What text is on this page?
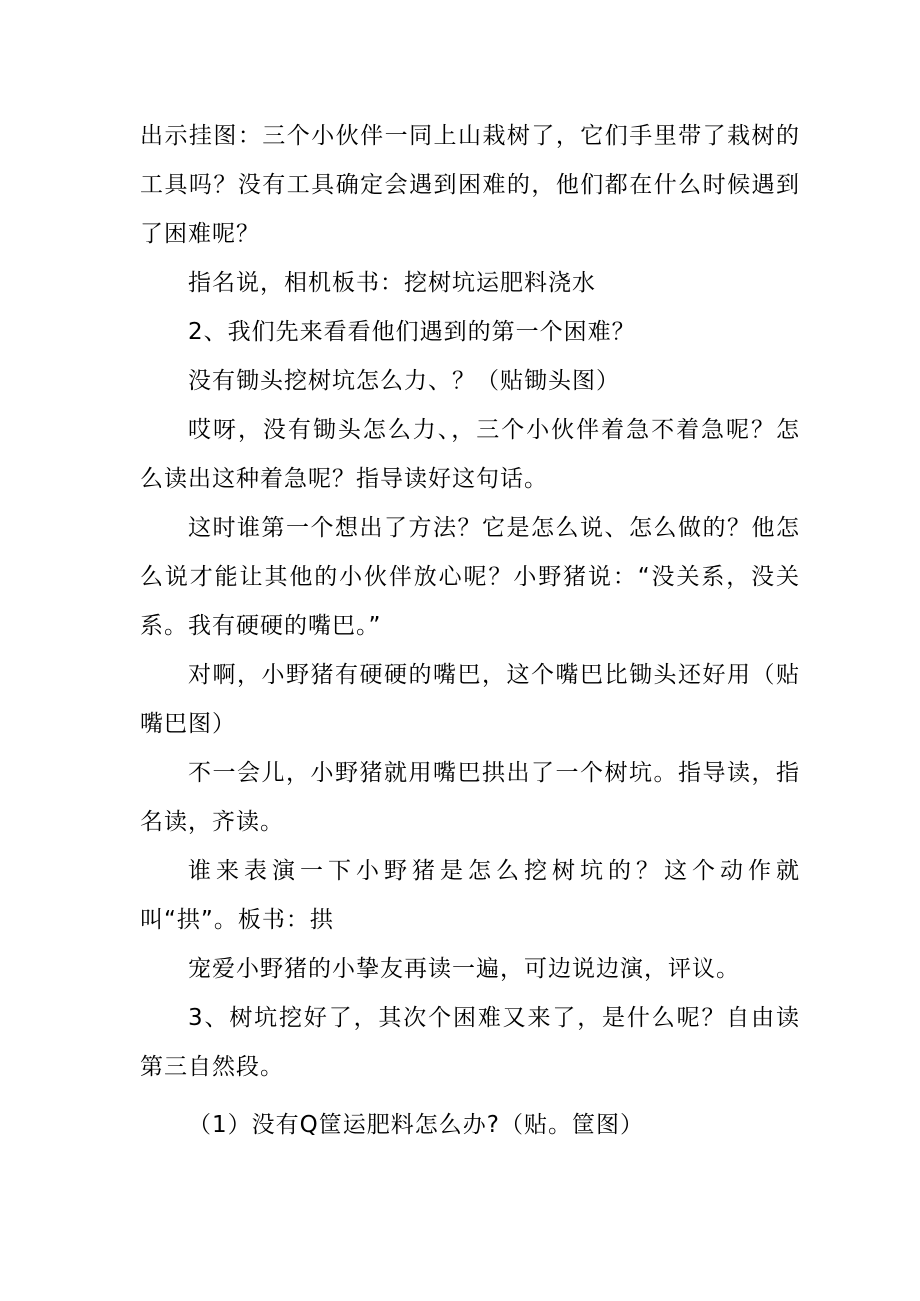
出示挂图：三个小伙伴一同上山栽树了，它们手里带了栽树的工具吗？没有工具确定会遇到困难的，他们都在什么时候遇到了困难呢？

指名说，相机板书：挖树坑运肥料浇水

2、我们先来看看他们遇到的第一个困难？

没有锄头挖树坑怎么力、？（贴锄头图）

哎呀，没有锄头怎么力、，三个小伙伴着急不着急呢？怎么读出这种着急呢？指导读好这句话。

这时谁第一个想出了方法？它是怎么说、怎么做的？他怎么说才能让其他的小伙伴放心呢？小野猪说：“没关系，没关系。我有硬硬的嘴巴。”

对啊，小野猪有硬硬的嘴巴，这个嘴巴比锄头还好用（贴嘴巴图）

不一会儿，小野猪就用嘴巴拱出了一个树坑。指导读，指名读，齐读。

谁来表演一下小野猪是怎么挖树坑的？这个动作就叫“拱”。板书：拱

宠爱小野猪的小挚友再读一遍，可边说边演，评议。

3、树坑挖好了，其次个困难又来了，是什么呢？自由读第三自然段。

（1）没有Q筐运肥料怎么办?（贴。筐图）
